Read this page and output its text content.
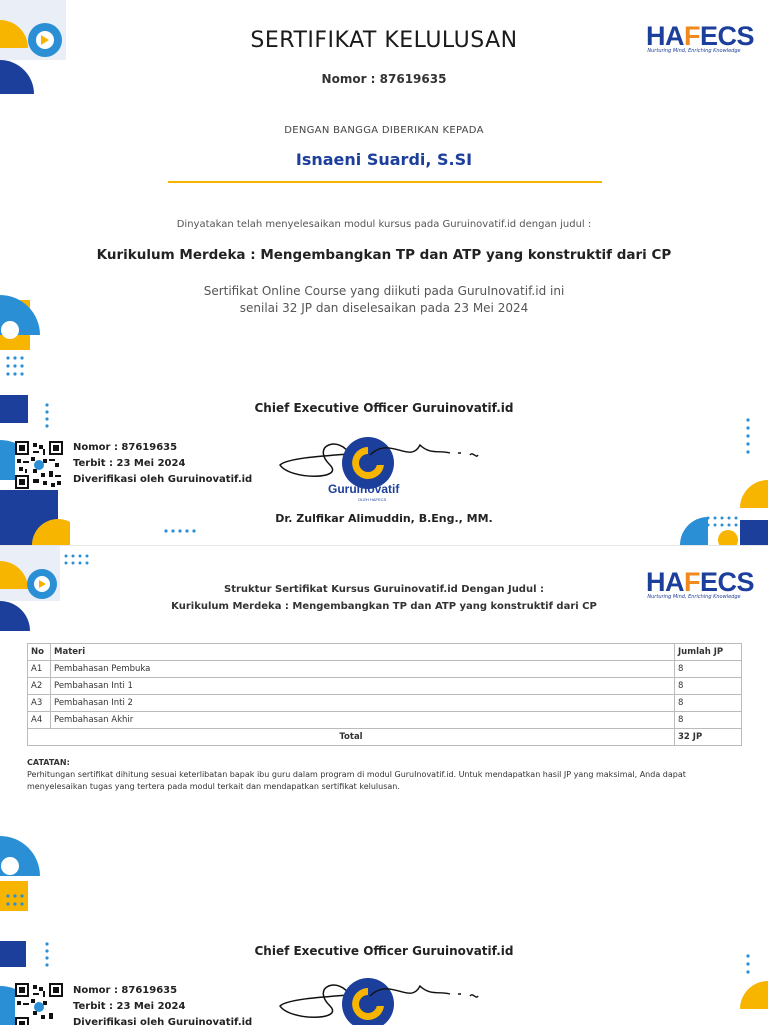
HAFECS
Nurturing Mind, Enriching Knowledge
SERTIFIKAT KELULUSAN
Nomor : 87619635
DENGAN BANGGA DIBERIKAN KEPADA
Isnaeni Suardi, S.SI
Dinyatakan telah menyelesaikan modul kursus pada Guruinovatif.id dengan judul :
Kurikulum Merdeka : Mengembangkan TP dan ATP yang konstruktif dari CP
Sertifikat Online Course yang diikuti pada GuruInovatif.id ini
senilai 32 JP dan diselesaikan pada 23 Mei 2024
Chief Executive Officer Guruinovatif.id
GuruInovatif
OLEH HAFECS
Dr. Zulfikar Alimuddin, B.Eng., MM.
Nomor : 87619635
Terbit : 23 Mei 2024
Diverifikasi oleh Guruinovatif.id
HAFECS
Nurturing Mind, Enriching Knowledge
Struktur Sertifikat Kursus Guruinovatif.id Dengan Judul :
Kurikulum Merdeka : Mengembangkan TP dan ATP yang konstruktif dari CP
No	Materi	Jumlah JP
A1	Pembahasan Pembuka	8
A2	Pembahasan Inti 1	8
A3	Pembahasan Inti 2	8
A4	Pembahasan Akhir	8
Total		32 JP
CATATAN:
Perhitungan sertifikat dihitung sesuai keterlibatan bapak ibu guru dalam program di modul GuruInovatif.id. Untuk mendapatkan hasil JP yang maksimal, Anda dapat menyelesaikan tugas yang tertera pada modul terkait dan mendapatkan sertifikat kelulusan.
Chief Executive Officer Guruinovatif.id
Nomor : 87619635
Terbit : 23 Mei 2024
Diverifikasi oleh Guruinovatif.id
